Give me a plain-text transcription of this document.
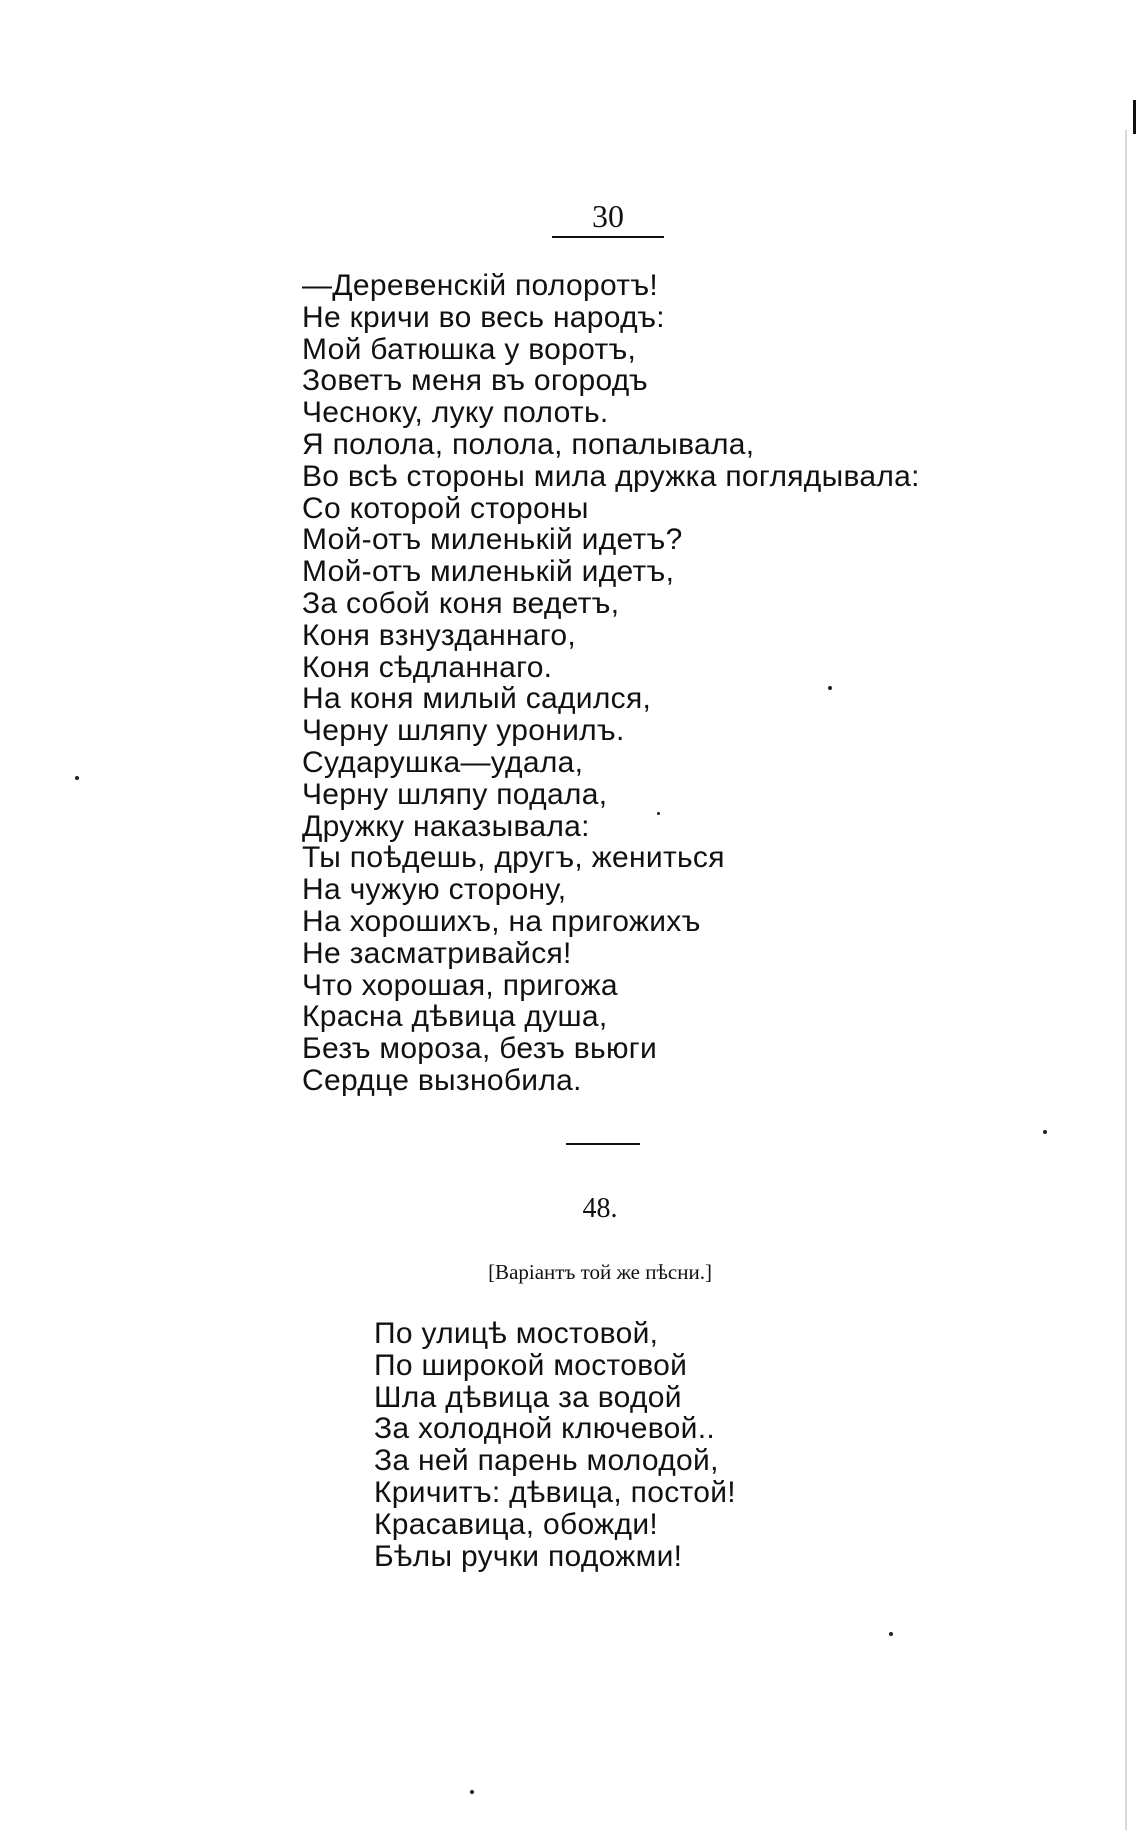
30
—Деревенскій полоротъ!
Не кричи во весь народъ:
Мой батюшка у воротъ,
Зоветъ меня въ огородъ
Чесноку, луку полоть.
Я полола, полола, попалывала,
Во всѣ стороны мила дружка поглядывала:
Со которой стороны
Мой-отъ миленькій идетъ?
Мой-отъ миленькій идетъ,
За собой коня ведетъ,
Коня взнузданнаго,
Коня сѣдланнаго.
На коня милый садился,
Черну шляпу уронилъ.
Сударушка—удала,
Черну шляпу подала,
Дружку наказывала:
Ты поѣдешь, другъ, жениться
На чужую сторону,
На хорошихъ, на пригожихъ
Не засматривайся!
Что хорошая, пригожа
Красна дѣвица душа,
Безъ мороза, безъ вьюги
Сердце вызнобила.
48.
[Варіантъ той же пѣсни.]
По улицѣ мостовой,
По широкой мостовой
Шла дѣвица за водой
За холодной ключевой..
За ней парень молодой,
Кричитъ: дѣвица, постой!
Красавица, обожди!
Бѣлы ручки подожми!
